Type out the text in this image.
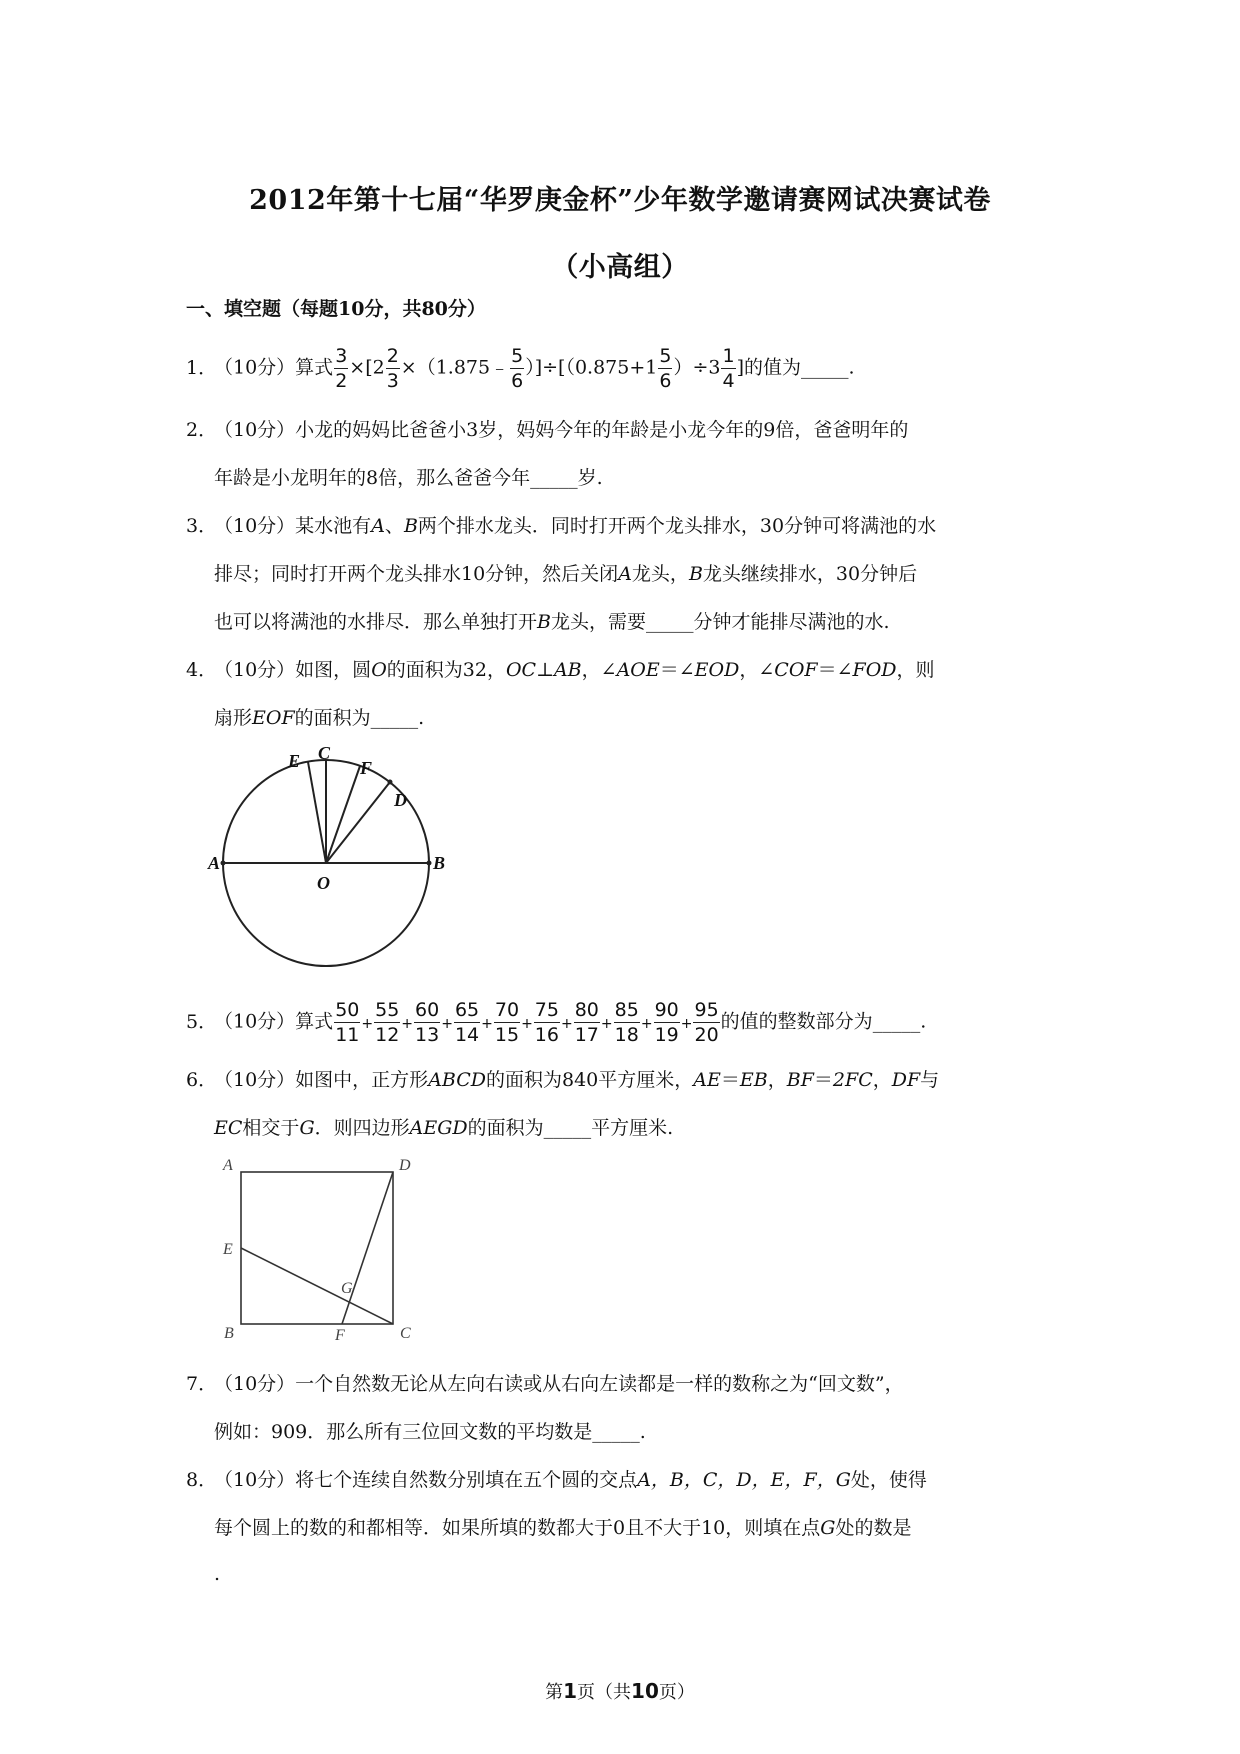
2012年第十七届“华罗庚金杯”少年数学邀请赛网试决赛试卷
（小高组）
一、填空题（每题10分，共80分）
1．（10分）算式 $\frac{3}{2} \times[2 \frac{2}{3}$ ×（1.875﹣ $\frac{5}{6} )]\div[(0.875+1 \frac{5}{6} )\div 3 \frac{1}{4}$ ]的值为_____.
2．（10分）小龙的妈妈比爸爸小3岁，妈妈今年的年龄是小龙今年的9倍，爸爸明年的
年龄是小龙明年的8倍，那么爸爸今年_____岁.
3．（10分）某水池有A、B两个排水龙头．同时打开两个龙头排水，30分钟可将满池的水
排尽；同时打开两个龙头排水10分钟，然后关闭A龙头，B龙头继续排水，30分钟后
也可以将满池的水排尽．那么单独打开B龙头，需要_____分钟才能排尽满池的水.
4．（10分）如图，圆O的面积为32，OC⊥AB，∠AOE＝∠EOD，∠COF＝∠FOD，则
扇形EOF的面积为_____.
E C
F
D
A	B
O
5．（10分）算式 $\frac{50}{11} + \frac{55}{12} + \frac{60}{13} + \frac{65}{14} + \frac{70}{15} + \frac{75}{16} + \frac{80}{17} + \frac{85}{18} + \frac{90}{19} + \frac{95}{20}$ 的值的整数部分为_____.
6．（10分）如图中，正方形ABCD的面积为840平方厘米，AE＝EB，BF＝2FC，DF与
EC相交于G．则四边形AEGD的面积为_____平方厘米.
A	D
E
G
B	F	C
7．（10分）一个自然数无论从左向右读或从右向左读都是一样的数称之为“回文数”，
例如：909．那么所有三位回文数的平均数是_____.
8．（10分）将七个连续自然数分别填在五个圆的交点A，B，C，D，E，F，G处，使得
每个圆上的数的和都相等．如果所填的数都大于0且不大于10，则填在点G处的数是
.
第1页（共10页）
